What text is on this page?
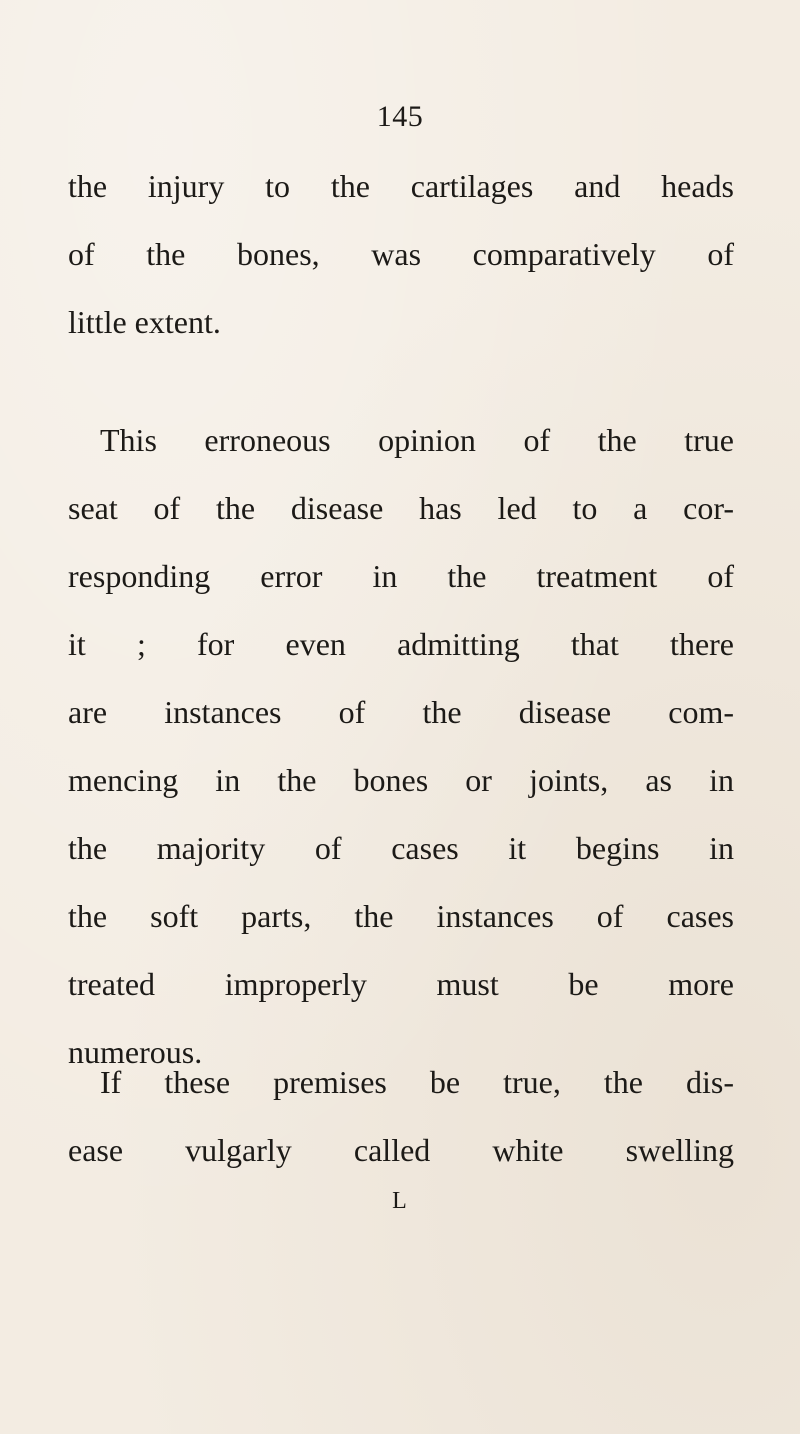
145
the injury to the cartilages and heads
of the bones, was comparatively of
little extent.
This erroneous opinion of the true
seat of the disease has led to a cor-
responding error in the treatment of
it ; for even admitting that there
are instances of the disease com-
mencing in the bones or joints, as in
the majority of cases it begins in
the soft parts, the instances of cases
treated improperly must be more
numerous.
If these premises be true, the dis-
ease vulgarly called white swelling
L
